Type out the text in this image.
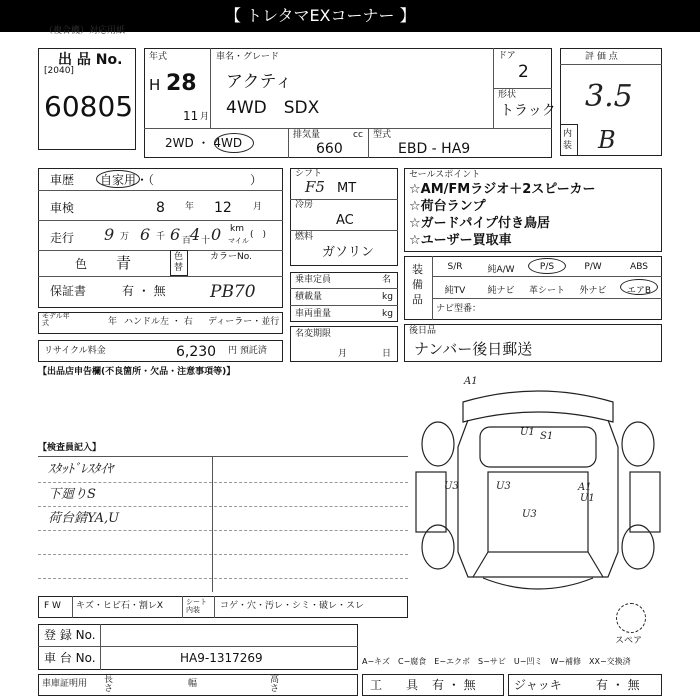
【 トレタマEXコーナー 】
（複合機）対応用紙
出 品 No.
[2040]
60805
年式
H 28
11 月
車名・グレード
アクティ
4WD　SDX
ドア
2
形状
トラック
2WD ・ 4WD
排気量	cc
660
型式
EBD - HA9
評 価 点
3.5
内装 B
車歴 自家用・（　　　　　　　　）
車検	8 年 12 月
走行 9 万 6 千 6 百
4 十 0 km
マイル
(　)
色 青	色替
カラーNo.
保証書	有 ・ 無	PB70
モデル年式	年 ハンドル 左 ・ 右 ディーラー・並行
リサイクル料金	6,230 円 預託済
シフト
F5 MT
冷房
AC
燃料
ガソリン
乗車定員	名
積載量	kg
車両重量	kg
名変期限
月	日
セールスポイント
☆AM/FMラジオ＋2スピーカー
☆荷台ランプ
☆ガードパイプ付き鳥居
☆ユーザー買取車
装備品
S/R	純A/W	P/S	P/W	ABS
純TV	純ナビ	革シート	外ナビ	エアB
ナビ型番：
後日品
ナンバー後日郵送
【出品店申告欄(不良箇所・欠品・注意事項等)】
【検査員記入】
ｽﾀｯﾄﾞﾚｽﾀｲﾔ
下廻りS
荷台錆YA,U
A1
U1 S1
U3	U3
U3
A1
U1
スペア
F W キズ・ヒビ石・割レX	シート内装	コゲ・穴・汚レ・シミ・破レ・スレ
登 録 No.
車 台 No.	HA9-1317269	A−キズ　C−腐食　E−エクボ　S−サビ　U−凹ミ　W−補修　XX−交換済
車庫証明用 長さ	幅	高さ	工　　具 有 ・ 無	ジャッキ	有 ・ 無
